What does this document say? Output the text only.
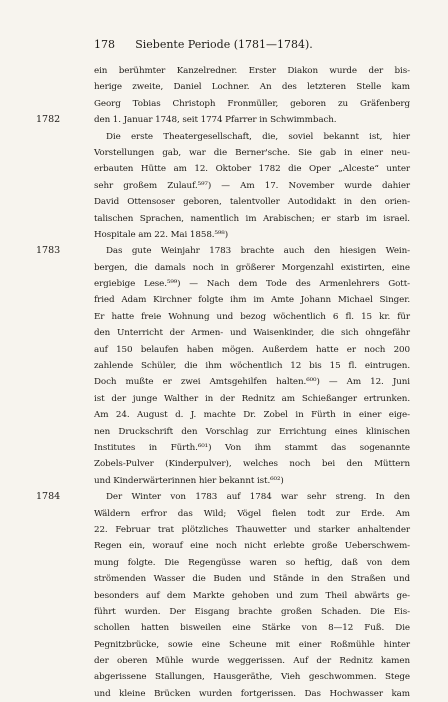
178	Siebente Periode (1781—1784).
1782
1783
1784
ein berühmter Kanzelredner. Erster Diakon wurde der bis-
herige zweite, Daniel Lochner. An des letzteren Stelle kam
Georg Tobias Christoph Fronmüller, geboren zu Gräfenberg
den 1. Januar 1748, seit 1774 Pfarrer in Schwimmbach.
Die erste Theatergesellschaft, die, soviel bekannt ist, hier
Vorstellungen gab, war die Berner'sche. Sie gab in einer neu-
erbauten Hütte am 12. Oktober 1782 die Oper „Alceste“ unter
sehr großem Zulauf.⁵⁹⁷) — Am 17. November wurde dahier
David Ottensoser geboren, talentvoller Autodidakt in den orien-
talischen Sprachen, namentlich im Arabischen; er starb im israel.
Hospitale am 22. Mai 1858.⁵⁹⁸)
Das gute Weinjahr 1783 brachte auch den hiesigen Wein-
bergen, die damals noch in größerer Morgenzahl existirten, eine
ergiebige Lese.⁵⁹⁹) — Nach dem Tode des Armenlehrers Gott-
fried Adam Kirchner folgte ihm im Amte Johann Michael Singer.
Er hatte freie Wohnung und bezog wöchentlich 6 fl. 15 kr. für
den Unterricht der Armen- und Waisenkinder, die sich ohngefähr
auf 150 belaufen haben mögen. Außerdem hatte er noch 200
zahlende Schüler, die ihm wöchentlich 12 bis 15 fl. eintrugen.
Doch mußte er zwei Amtsgehilfen halten.⁶⁰⁰) — Am 12. Juni
ist der junge Walther in der Rednitz am Schießanger ertrunken.
Am 24. August d. J. machte Dr. Zobel in Fürth in einer eige-
nen Druckschrift den Vorschlag zur Errichtung eines klinischen
Institutes in Fürth.⁶⁰¹) Von ihm stammt das sogenannte
Zobels-Pulver (Kinderpulver), welches noch bei den Müttern
und Kinderwärterinnen hier bekannt ist.⁶⁰²)
Der Winter von 1783 auf 1784 war sehr streng. In den
Wäldern erfror das Wild; Vögel fielen todt zur Erde. Am
22. Februar trat plötzliches Thauwetter und starker anhaltender
Regen ein, worauf eine noch nicht erlebte große Ueberschwem-
mung folgte. Die Regengüsse waren so heftig, daß von dem
strömenden Wasser die Buden und Stände in den Straßen und
besonders auf dem Markte gehoben und zum Theil abwärts ge-
führt wurden. Der Eisgang brachte großen Schaden. Die Eis-
schollen hatten bisweilen eine Stärke von 8—12 Fuß. Die
Pegnitzbrücke, sowie eine Scheune mit einer Roßmühle hinter
der oberen Mühle wurde weggerissen. Auf der Rednitz kamen
abgerissene Stallungen, Hausgeräthe, Vieh geschwommen. Stege
und kleine Brücken wurden fortgerissen. Das Hochwasser kam
